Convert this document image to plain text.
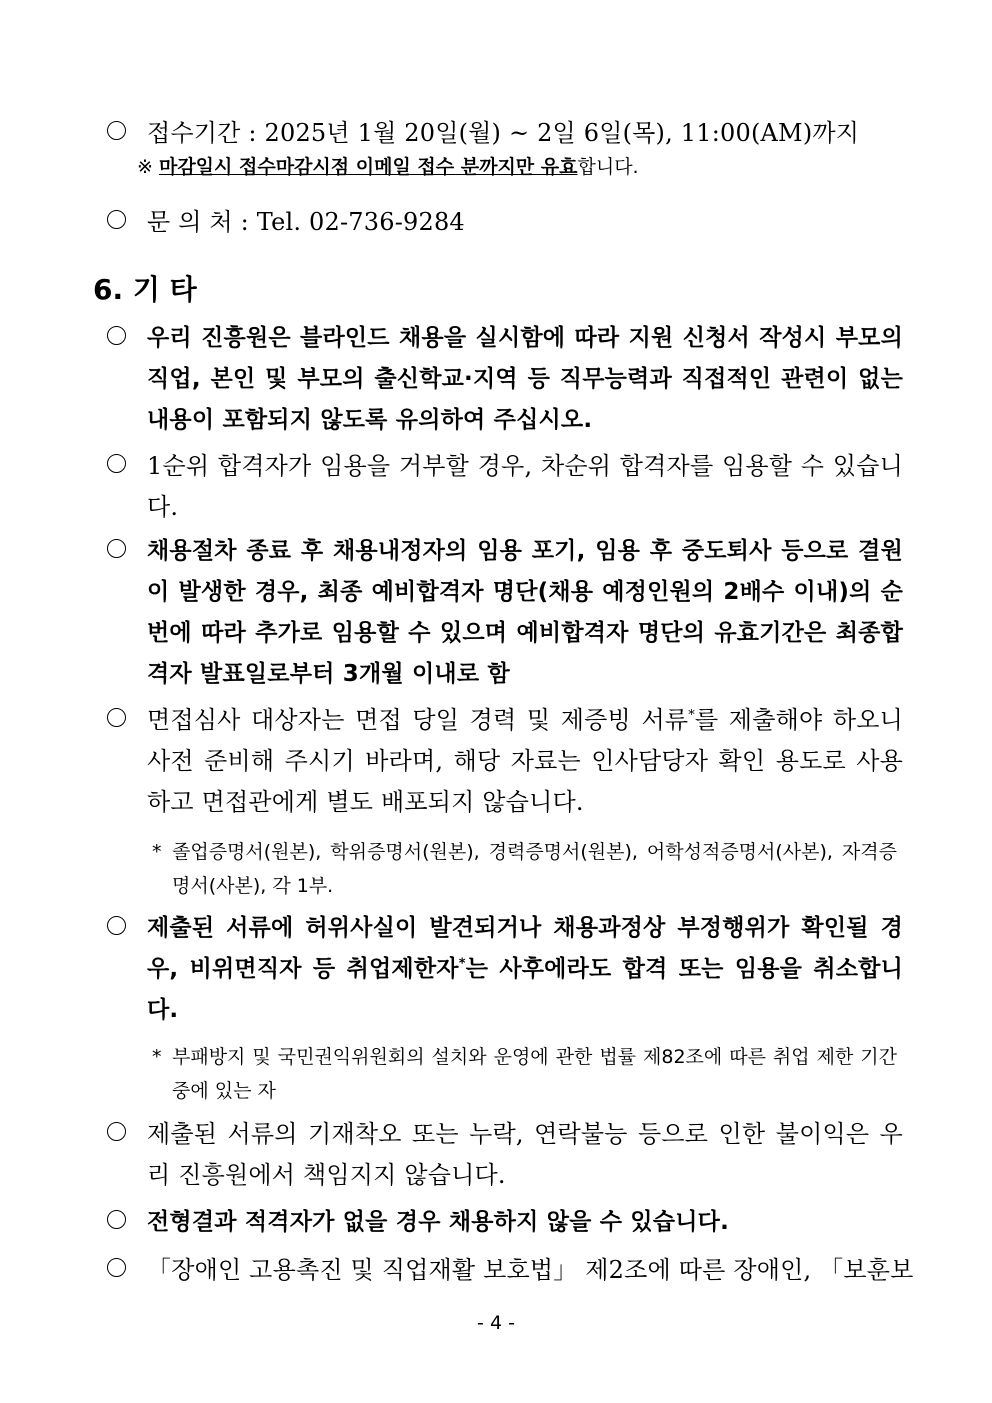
접수기간 : 2025년 1월 20일(월) ~ 2일 6일(목), 11:00(AM)까지
※ 마감일시 접수마감시점 이메일 접수 분까지만 유효합니다.
문 의 처 : Tel. 02-736-9284
6. 기 타
우리 진흥원은 블라인드 채용을 실시함에 따라 지원 신청서 작성시 부모의 직업, 본인 및 부모의 출신학교·지역 등 직무능력과 직접적인 관련이 없는 내용이 포함되지 않도록 유의하여 주십시오.
1순위 합격자가 임용을 거부할 경우, 차순위 합격자를 임용할 수 있습니다.
채용절차 종료 후 채용내정자의 임용 포기, 임용 후 중도퇴사 등으로 결원이 발생한 경우, 최종 예비합격자 명단(채용 예정인원의 2배수 이내)의 순번에 따라 추가로 임용할 수 있으며 예비합격자 명단의 유효기간은 최종합격자 발표일로부터 3개월 이내로 함
면접심사 대상자는 면접 당일 경력 및 제증빙 서류*를 제출해야 하오니 사전 준비해 주시기 바라며, 해당 자료는 인사담당자 확인 용도로 사용하고 면접관에게 별도 배포되지 않습니다.
* 졸업증명서(원본), 학위증명서(원본), 경력증명서(원본), 어학성적증명서(사본), 자격증명서(사본), 각 1부.
제출된 서류에 허위사실이 발견되거나 채용과정상 부정행위가 확인될 경우, 비위면직자 등 취업제한자*는 사후에라도 합격 또는 임용을 취소합니다.
* 부패방지 및 국민권익위원회의 설치와 운영에 관한 법률 제82조에 따른 취업 제한 기간 중에 있는 자
제출된 서류의 기재착오 또는 누락, 연락불능 등으로 인한 불이익은 우리 진흥원에서 책임지지 않습니다.
전형결과 적격자가 없을 경우 채용하지 않을 수 있습니다.
「장애인 고용촉진 및 직업재활 보호법」 제2조에 따른 장애인, 「보훈보
- 4 -
